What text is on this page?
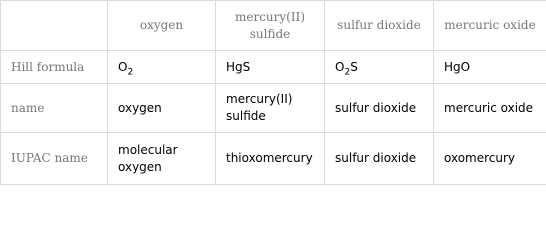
	oxygen	mercury(II) sulfide	sulfur dioxide	mercuric oxide
Hill formula	$O_2$	HgS	$O_2S$	HgO
name	oxygen	mercury(II) sulfide	sulfur dioxide	mercuric oxide
IUPAC name	molecular oxygen	thioxomercury	sulfur dioxide	oxomercury
